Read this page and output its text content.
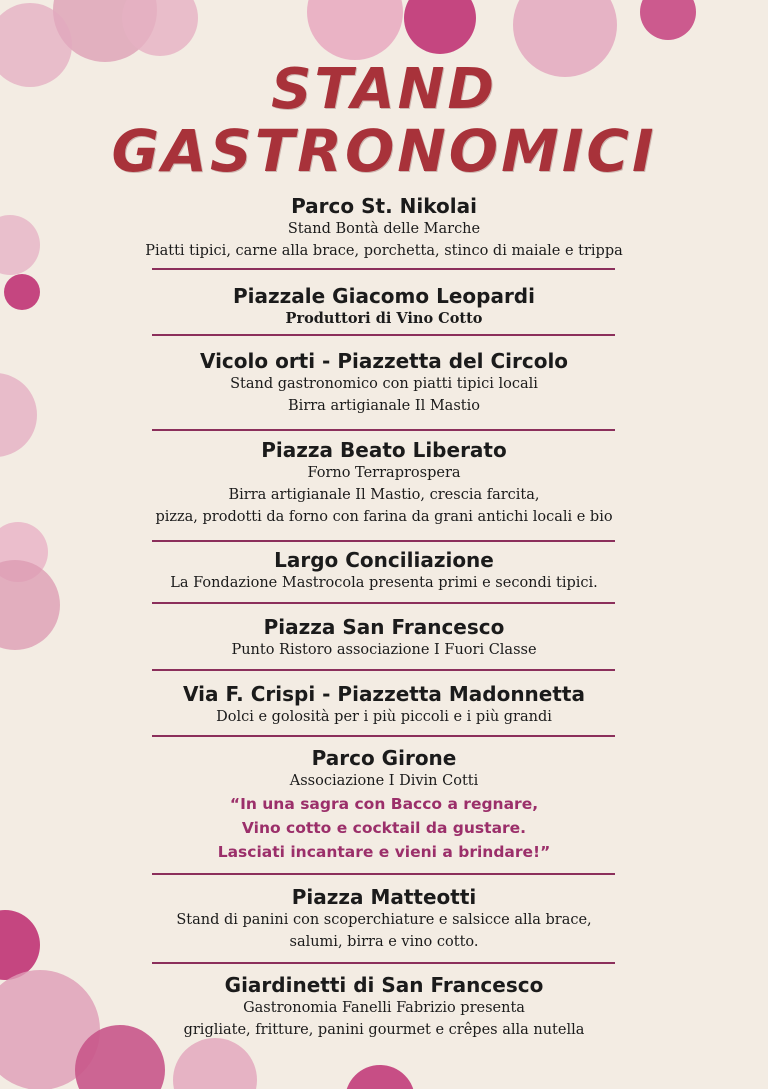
STAND
GASTRONOMICI
Parco St. Nikolai
Stand Bontà delle Marche
Piatti tipici, carne alla brace, porchetta, stinco di maiale e trippa
Piazzale Giacomo Leopardi
Produttori di Vino Cotto
Vicolo orti - Piazzetta del Circolo
Stand gastronomico con piatti tipici locali
Birra artigianale Il Mastio
Piazza Beato Liberato
Forno Terraprospera
Birra artigianale Il Mastio, crescia farcita,
pizza, prodotti da forno con farina da grani antichi locali e bio
Largo Conciliazione
La Fondazione Mastrocola presenta primi e secondi tipici.
Piazza San Francesco
Punto Ristoro associazione I Fuori Classe
Via F. Crispi - Piazzetta Madonnetta
Dolci e golosità per i più piccoli e i più grandi
Parco Girone
Associazione I Divin Cotti
“In una sagra con Bacco a regnare,
Vino cotto e cocktail da gustare.
Lasciati incantare e vieni a brindare!”
Piazza Matteotti
Stand di panini con scoperchiature e salsicce alla brace,
salumi, birra e vino cotto.
Giardinetti di San Francesco
Gastronomia Fanelli Fabrizio presenta
grigliate, fritture, panini gourmet e crêpes alla nutella
